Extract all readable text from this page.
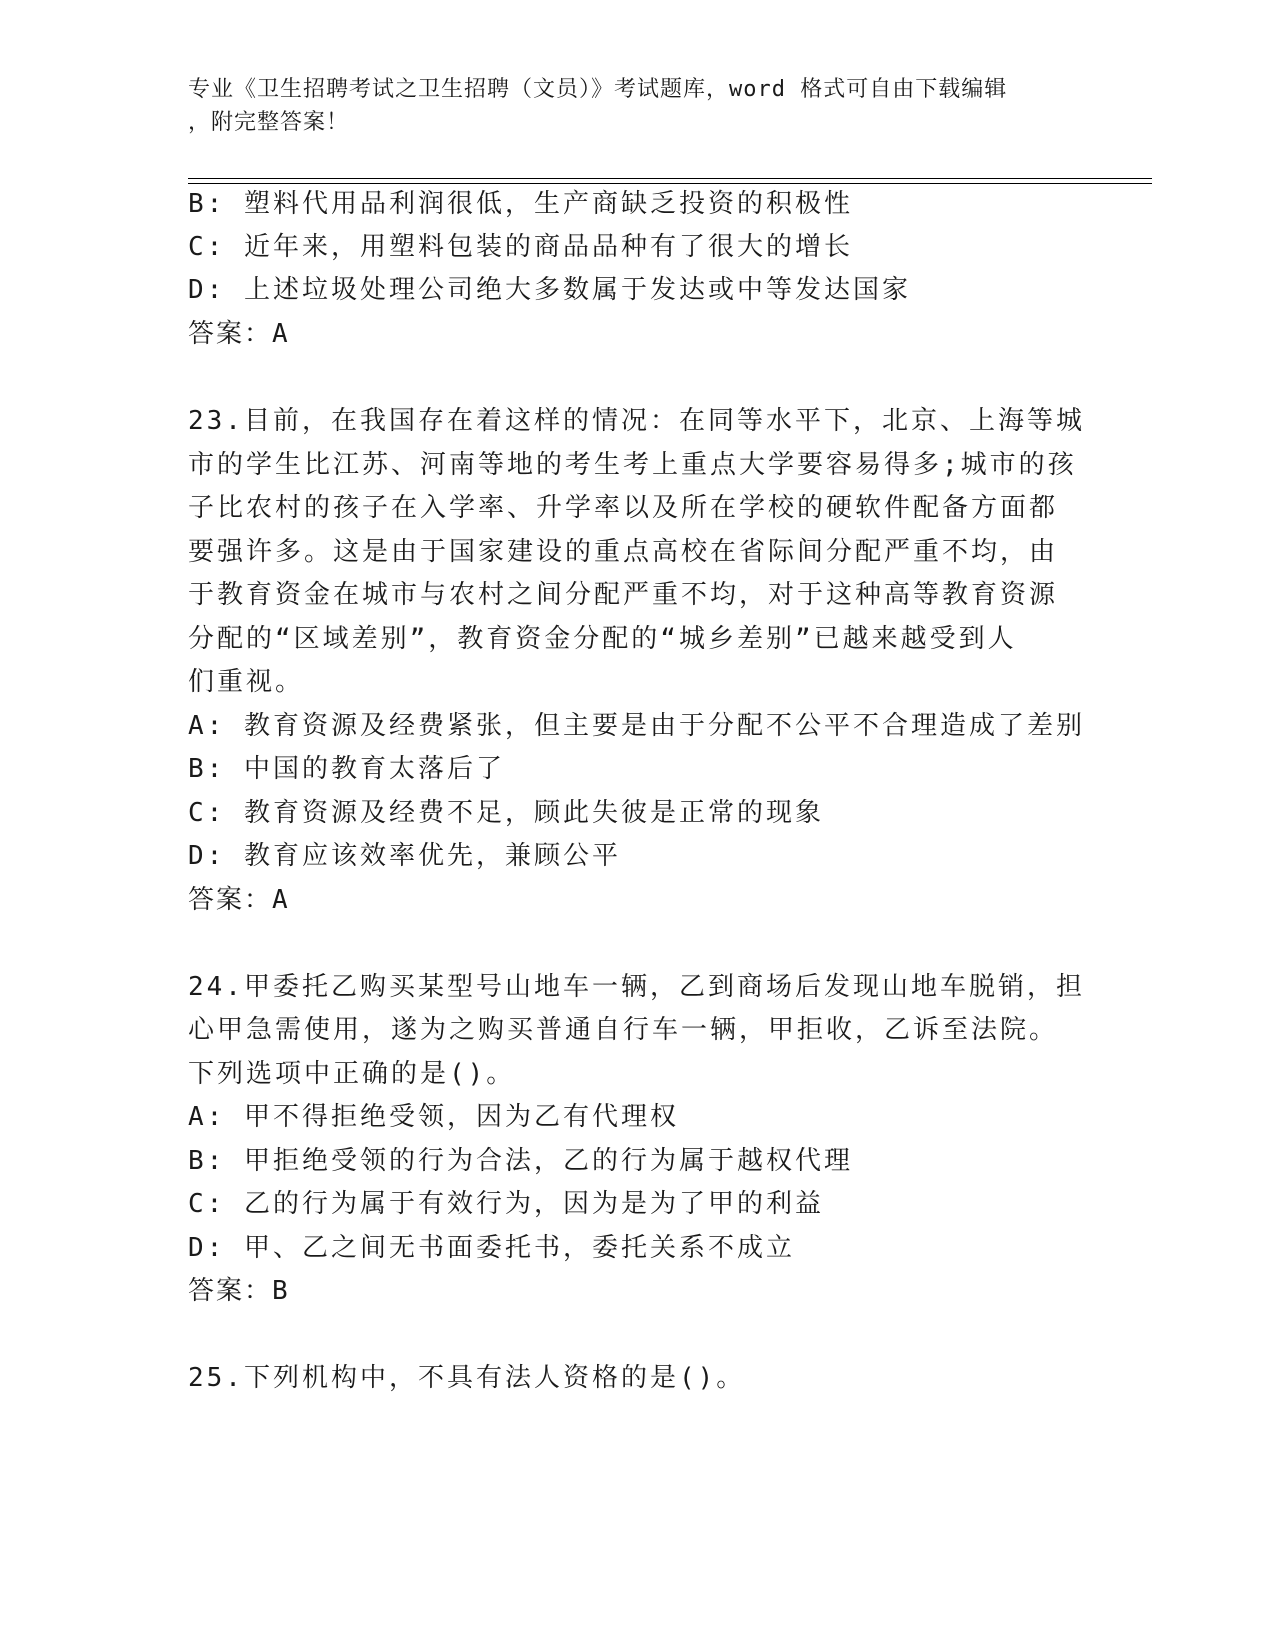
专业《卫生招聘考试之卫生招聘（文员）》考试题库，word 格式可自由下载编辑
，附完整答案！
B: 塑料代用品利润很低，生产商缺乏投资的积极性
C: 近年来，用塑料包装的商品品种有了很大的增长
D: 上述垃圾处理公司绝大多数属于发达或中等发达国家
答案：A
23.目前，在我国存在着这样的情况：在同等水平下，北京、上海等城
市的学生比江苏、河南等地的考生考上重点大学要容易得多;城市的孩
子比农村的孩子在入学率、升学率以及所在学校的硬软件配备方面都
要强许多。这是由于国家建设的重点高校在省际间分配严重不均，由
于教育资金在城市与农村之间分配严重不均，对于这种高等教育资源
分配的“区域差别”，教育资金分配的“城乡差别”已越来越受到人
们重视。
A: 教育资源及经费紧张，但主要是由于分配不公平不合理造成了差别
B: 中国的教育太落后了
C: 教育资源及经费不足，顾此失彼是正常的现象
D: 教育应该效率优先，兼顾公平
答案：A
24.甲委托乙购买某型号山地车一辆，乙到商场后发现山地车脱销，担
心甲急需使用，遂为之购买普通自行车一辆，甲拒收，乙诉至法院。
下列选项中正确的是()。
A: 甲不得拒绝受领，因为乙有代理权
B: 甲拒绝受领的行为合法，乙的行为属于越权代理
C: 乙的行为属于有效行为，因为是为了甲的利益
D: 甲、乙之间无书面委托书，委托关系不成立
答案：B
25.下列机构中，不具有法人资格的是()。
